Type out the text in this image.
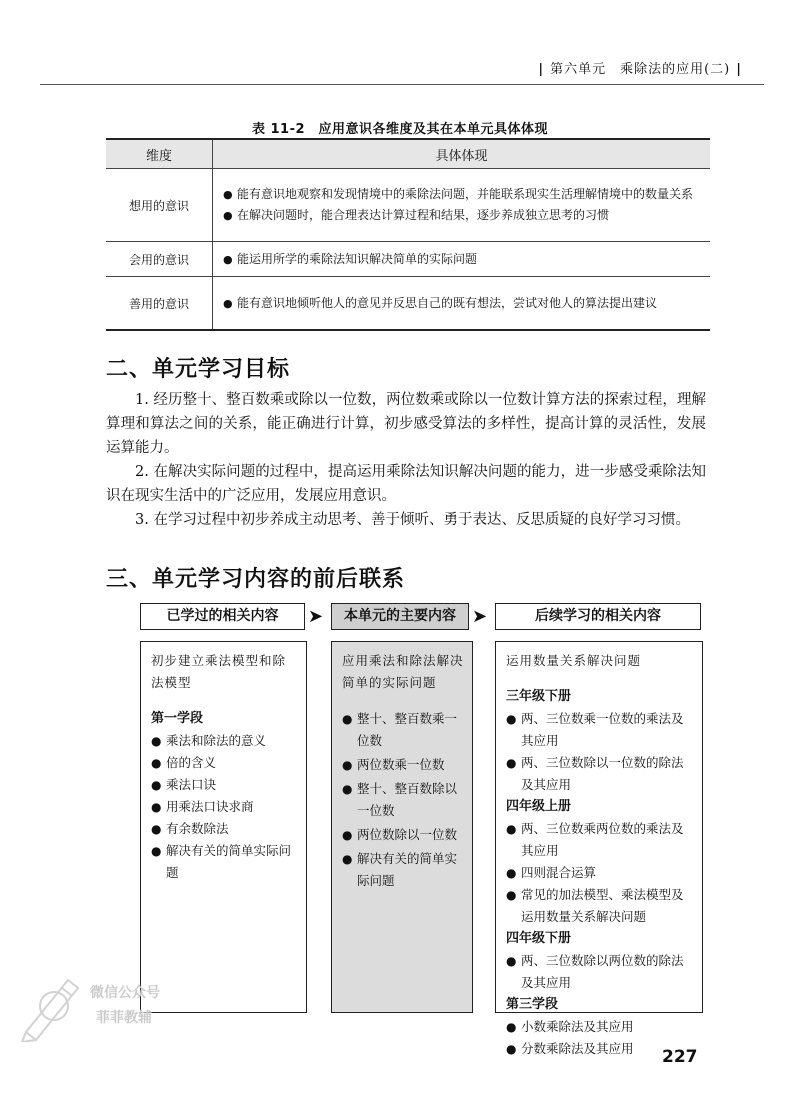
| 第六单元　 乘除法的应用(二) |
表 11-2　应用意识各维度及其在本单元具体体现
维度	具体体现
想用的意识	● 能有意识地观察和发现情境中的乘除法问题，并能联系现实生活理解情境中的数量关系
● 在解决问题时，能合理表达计算过程和结果，逐步养成独立思考的习惯

会用的意识	● 能运用所学的乘除法知识解决简单的实际问题

善用的意识	● 能有意识地倾听他人的意见并反思自己的既有想法，尝试对他人的算法提出建议
二、单元学习目标

1. 经历整十、整百数乘或除以一位数，两位数乘或除以一位数计算方法的探索过程，理解算理和算法之间的关系，能正确进行计算，初步感受算法的多样性，提高计算的灵活性，发展运算能力。

2. 在解决实际问题的过程中，提高运用乘除法知识解决问题的能力，进一步感受乘除法知识在现实生活中的广泛应用，发展应用意识。

3. 在学习过程中初步养成主动思考、善于倾听、勇于表达、反思质疑的良好学习习惯。

三、单元学习内容的前后联系
已学过的相关内容	➤	本单元的主要内容 ➤	后续学习的相关内容
初步建立乘法模型和除法模型
第一学段
● 乘法和除法的意义
● 倍的含义
● 乘法口诀
● 用乘法口诀求商
● 有余数除法
● 解决有关的简单实际问题
应用乘法和除法解决简单的实际问题
● 整十、整百数乘一位数
● 两位数乘一位数
● 整十、整百数除以一位数
● 两位数除以一位数
● 解决有关的简单实际问题
运用数量关系解决问题
三年级下册
● 两、三位数乘一位数的乘法及其应用
● 两、三位数除以一位数的除法及其应用
四年级上册
● 两、三位数乘两位数的乘法及其应用
● 四则混合运算
● 常见的加法模型、乘法模型及运用数量关系解决问题
四年级下册
● 两、三位数除以两位数的除法及其应用
第三学段
● 小数乘除法及其应用
● 分数乘除法及其应用
微信公众号
菲菲教辅
227
